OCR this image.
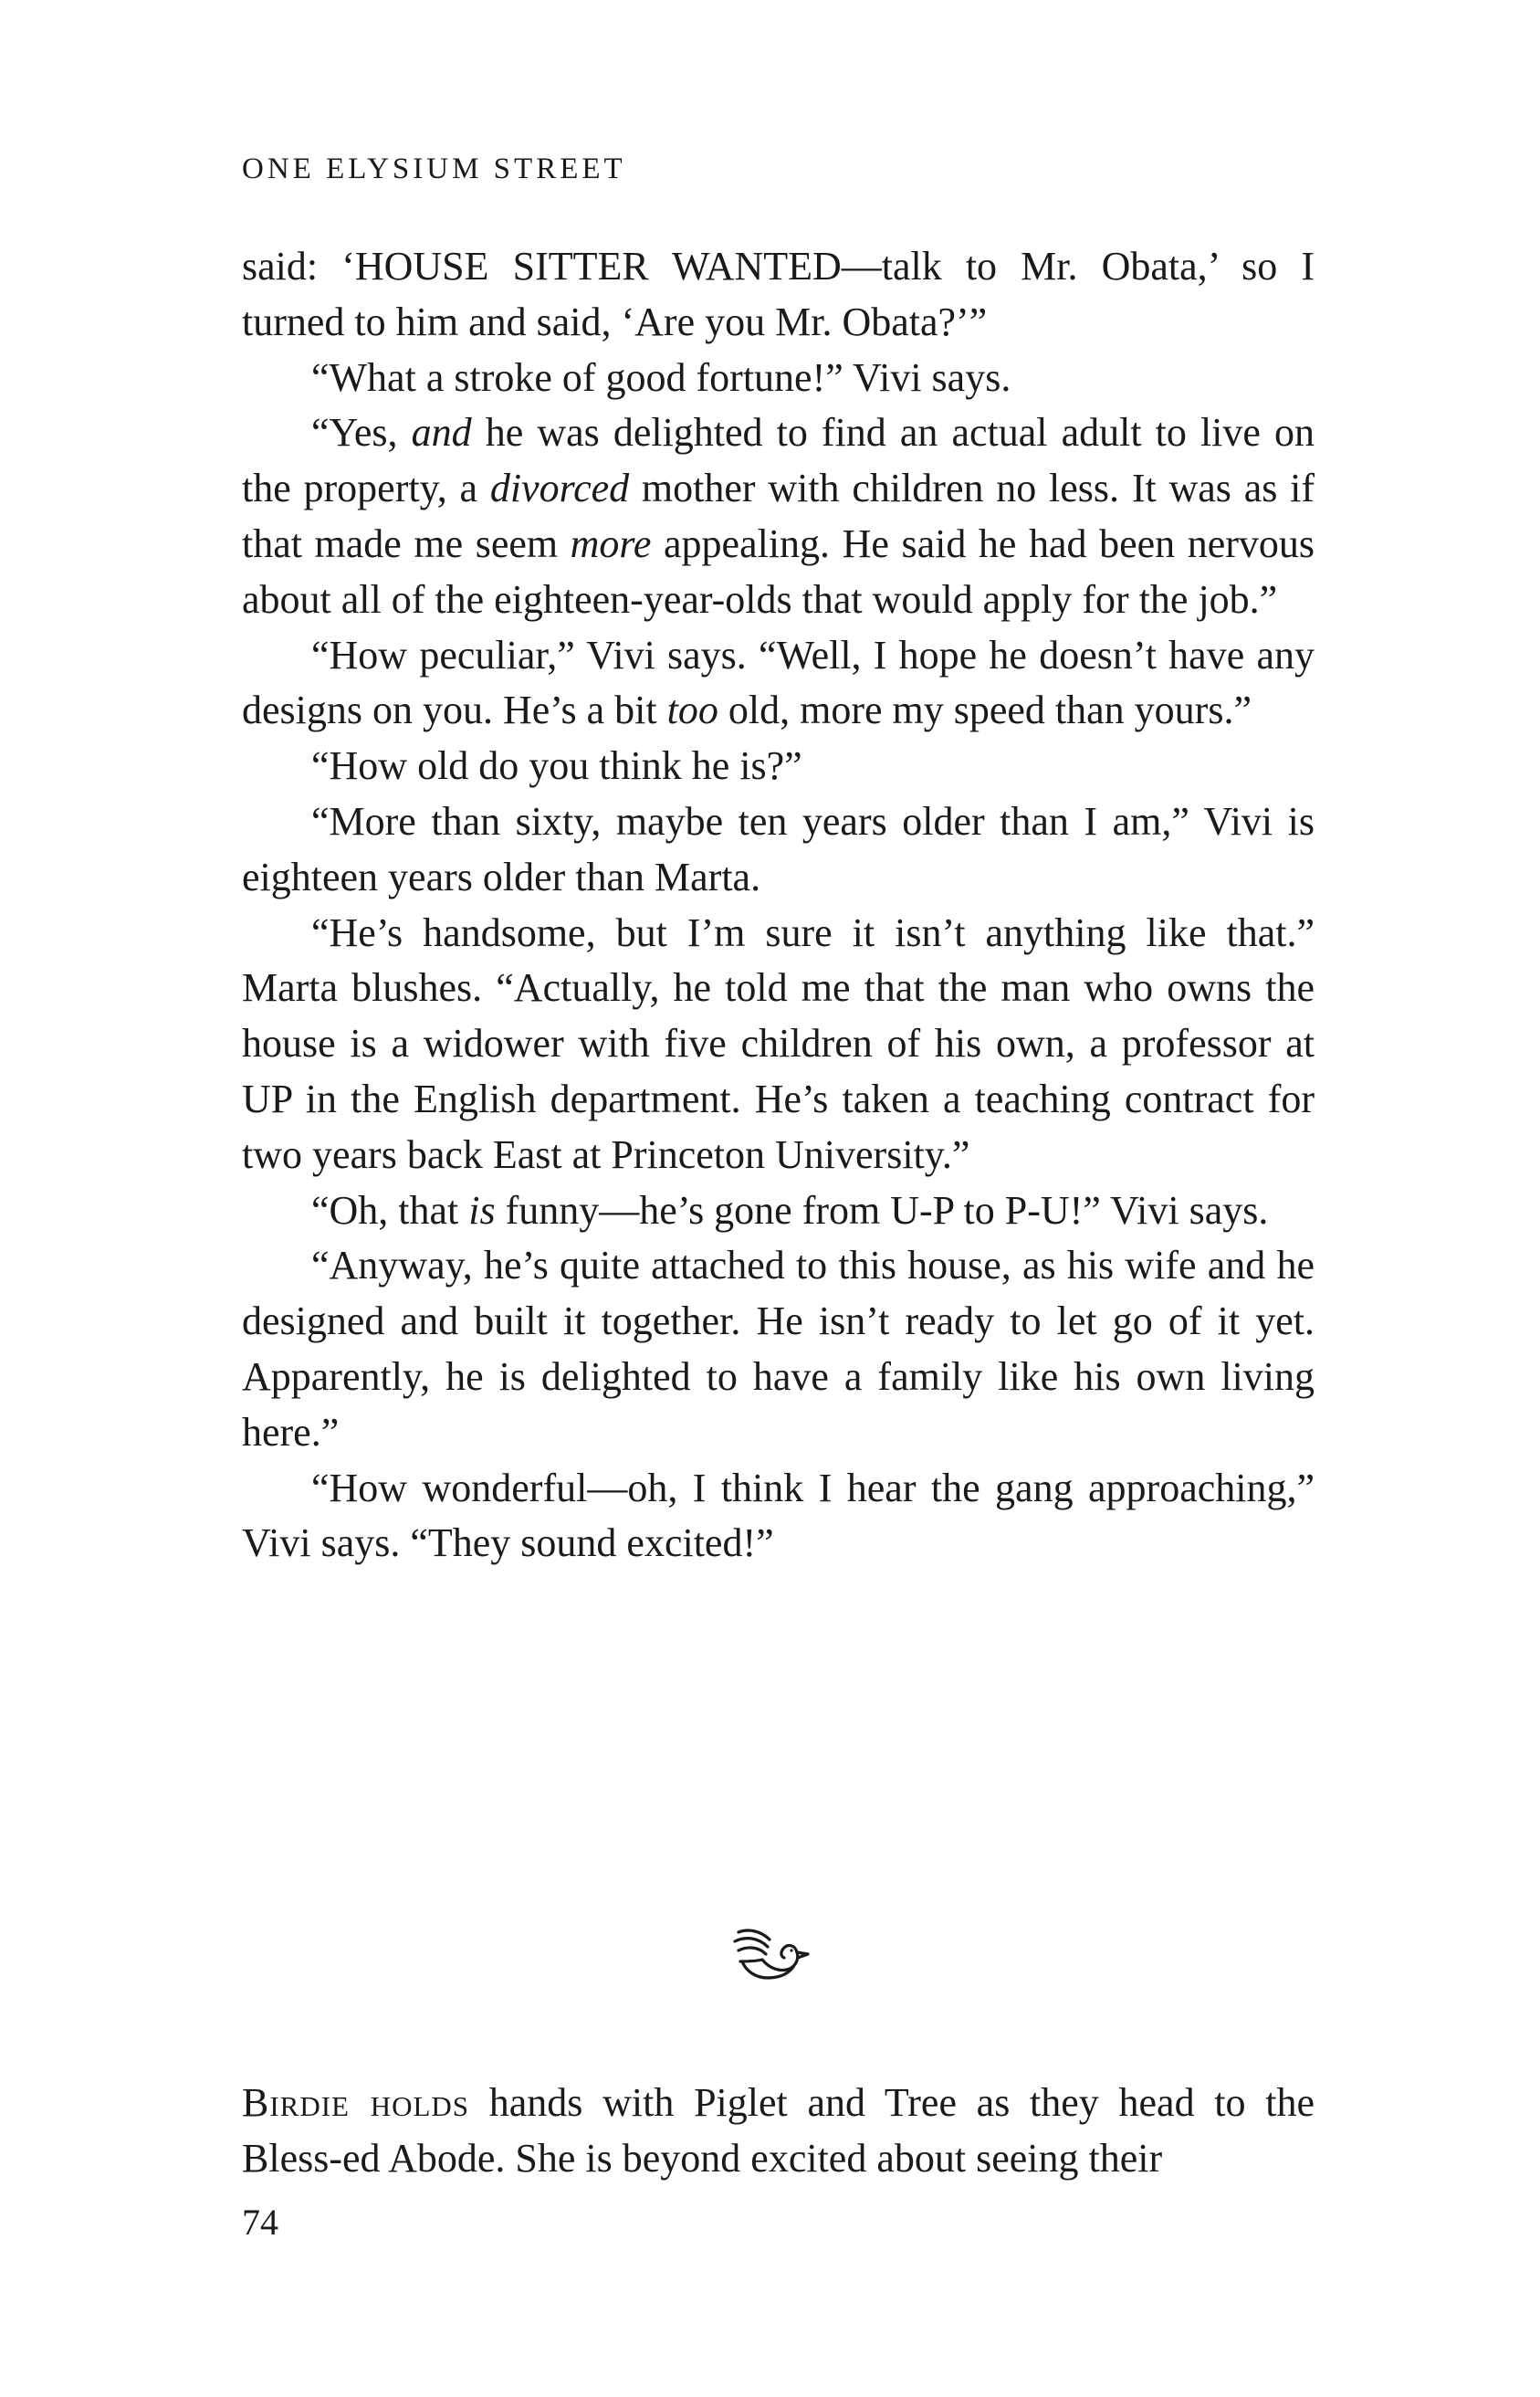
ONE ELYSIUM STREET

said: ‘HOUSE SITTER WANTED—talk to Mr. Obata,’ so I turned to him and said, ‘Are you Mr. Obata?’”

“What a stroke of good fortune!” Vivi says.

“Yes, and he was delighted to find an actual adult to live on the property, a divorced mother with children no less. It was as if that made me seem more appealing. He said he had been nervous about all of the eighteen-year-olds that would apply for the job.”

“How peculiar,” Vivi says. “Well, I hope he doesn’t have any designs on you. He’s a bit too old, more my speed than yours.”

“How old do you think he is?”

“More than sixty, maybe ten years older than I am,” Vivi is eighteen years older than Marta.

“He’s handsome, but I’m sure it isn’t anything like that.” Marta blushes. “Actually, he told me that the man who owns the house is a widower with five children of his own, a professor at UP in the English department. He’s taken a teaching contract for two years back East at Princeton University.”

“Oh, that is funny—he’s gone from U-P to P-U!” Vivi says.

“Anyway, he’s quite attached to this house, as his wife and he designed and built it together. He isn’t ready to let go of it yet. Apparently, he is delighted to have a family like his own living here.”

“How wonderful—oh, I think I hear the gang approaching,” Vivi says. “They sound excited!”

Birdie holds hands with Piglet and Tree as they head to the Bless-ed Abode. She is beyond excited about seeing their

74
